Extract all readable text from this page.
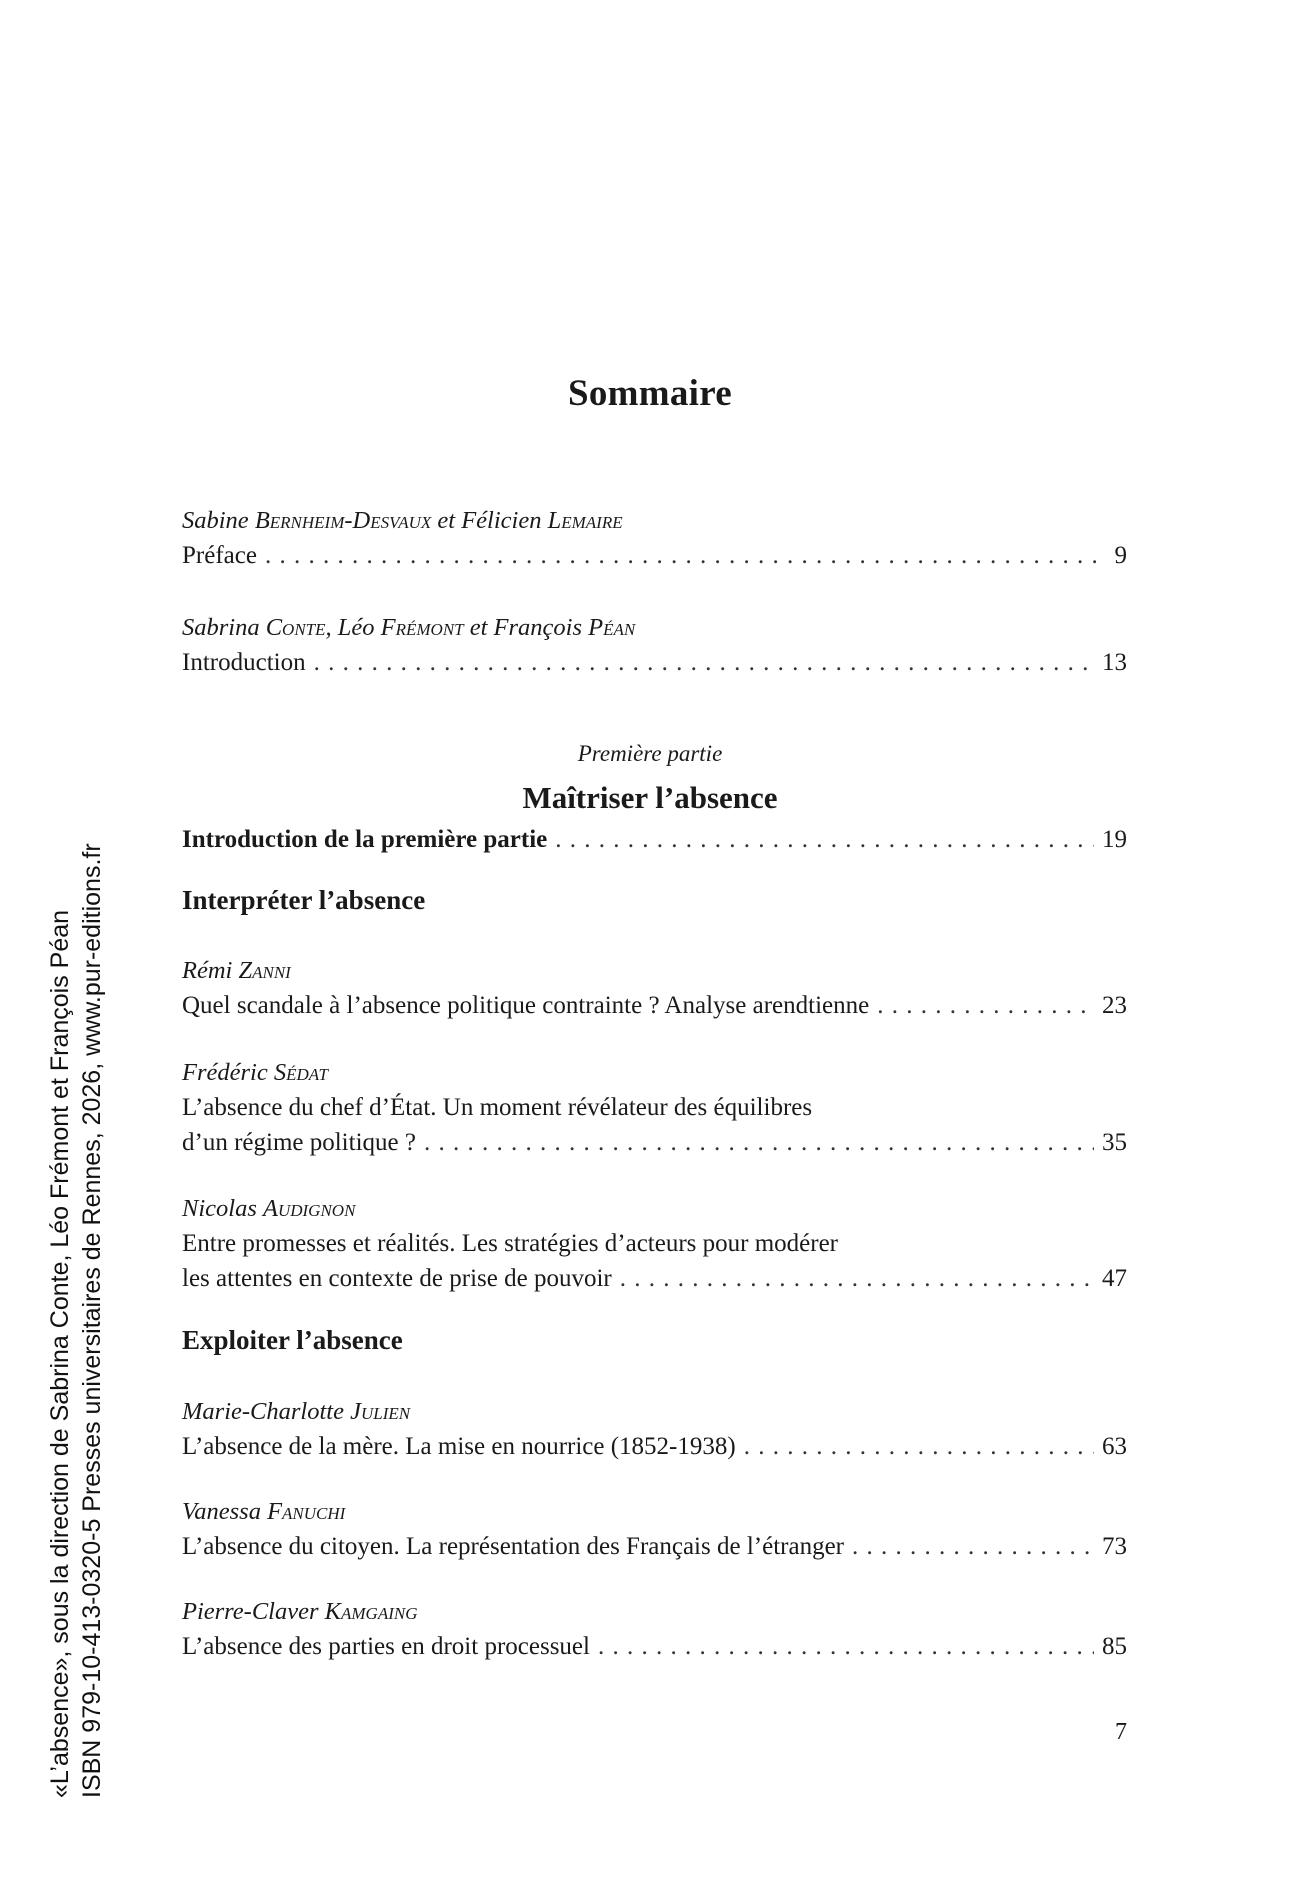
Sommaire
Sabine Bernheim-Desvaux et Félicien Lemaire
Préface . . .	9
Sabrina Conte, Léo Frémont et François Péan
Introduction . . .	13
Première partie
Maîtriser l’absence
Introduction de la première partie . . .	19
Interpréter l’absence
Rémi Zanni
Quel scandale à l’absence politique contrainte ? Analyse arendtienne . . .	23
Frédéric Sédat
L’absence du chef d’État. Un moment révélateur des équilibres
d’un régime politique ? . . .	35
Nicolas Audignon
Entre promesses et réalités. Les stratégies d’acteurs pour modérer
les attentes en contexte de prise de pouvoir . . .	47
Exploiter l’absence
Marie-Charlotte Julien
L’absence de la mère. La mise en nourrice (1852-1938) . . .	63
Vanessa Fanuchi
L’absence du citoyen. La représentation des Français de l’étranger . . .	73
Pierre-Claver Kamgaing
L’absence des parties en droit processuel . . .	85
7
«L’absence», sous la direction de Sabrina Conte, Léo Frémont et François Péan ISBN 979-10-413-0320-5 Presses universitaires de Rennes, 2026, www.pur-editions.fr
